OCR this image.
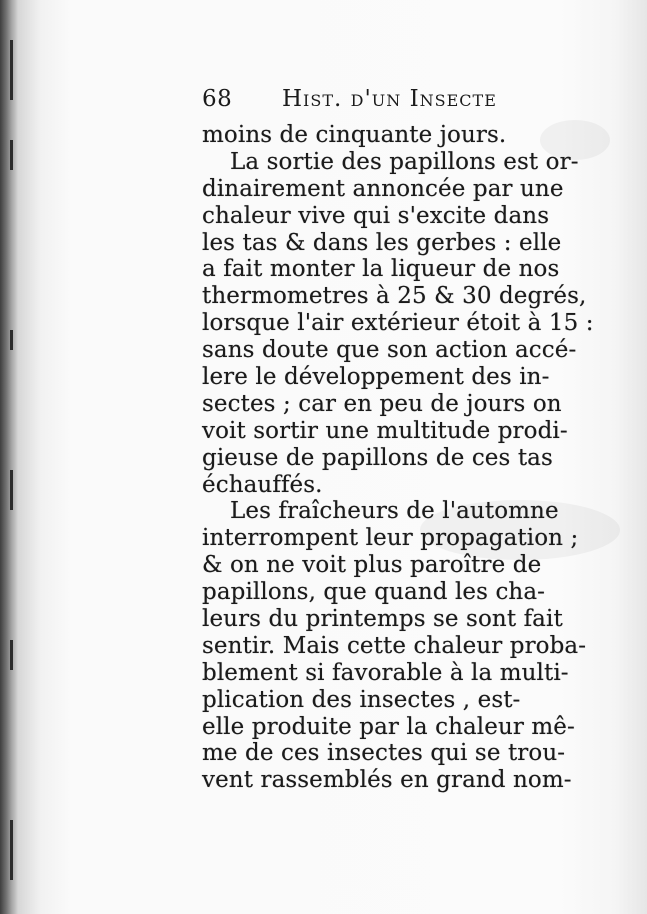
68 Hist. d'un Insecte
moins de cinquante jours.
La sortie des papillons est or-
dinairement annoncée par une
chaleur vive qui s'excite dans
les tas & dans les gerbes : elle
a fait monter la liqueur de nos
thermometres à 25 & 30 degrés,
lorsque l'air extérieur étoit à 15 :
sans doute que son action accé-
lere le développement des in-
sectes ; car en peu de jours on
voit sortir une multitude prodi-
gieuse de papillons de ces tas
échauffés.
Les fraîcheurs de l'automne
interrompent leur propagation ;
& on ne voit plus paroître de
papillons, que quand les cha-
leurs du printemps se sont fait
sentir. Mais cette chaleur proba-
blement si favorable à la multi-
plication des insectes , est-
elle produite par la chaleur mê-
me de ces insectes qui se trou-
vent rassemblés en grand nom-
